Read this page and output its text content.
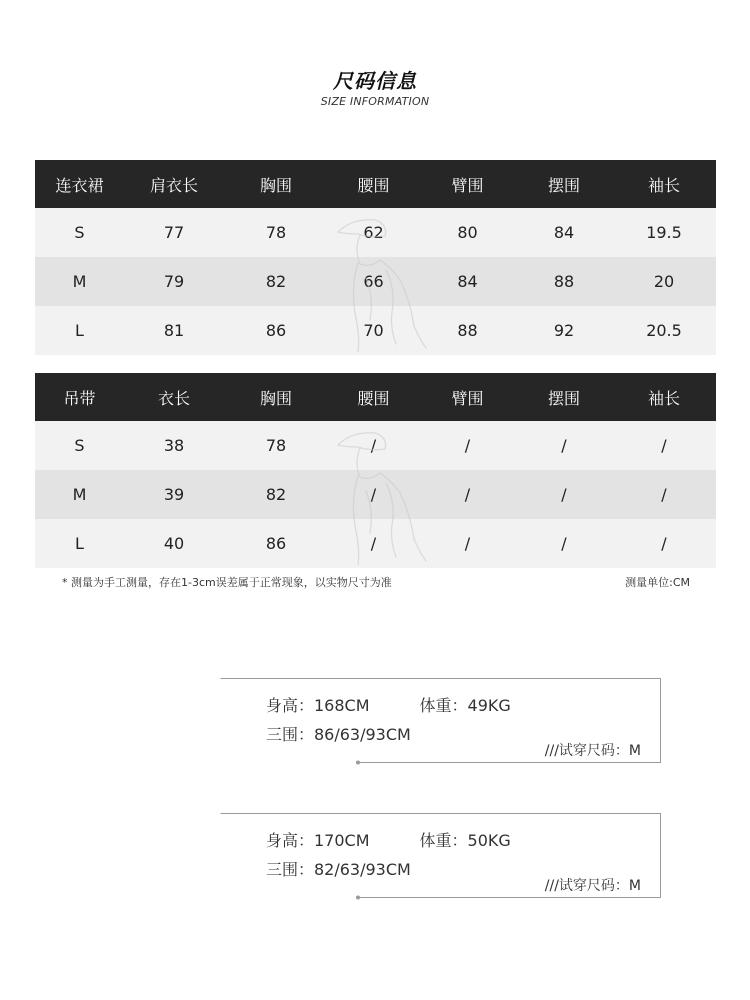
尺码信息
SIZE INFORMATION
连衣裙	肩衣长	胸围	腰围	臂围	摆围	袖长
S	77	78	62	80	84	19.5
M	79	82	66	84	88	20
L	81	86	70	88	92	20.5
吊带	衣长	胸围	腰围	臂围	摆围	袖长
S	38	78	/	/	/	/
M	39	82	/	/	/	/
L	40	86	/	/	/	/
* 测量为手工测量，存在1-3cm误差属于正常现象，以实物尺寸为准	测量单位:CM
身高：168CM	体重：49KG
三围：86/63/93CM
///试穿尺码：M
身高：170CM	体重：50KG
三围：82/63/93CM
///试穿尺码：M
